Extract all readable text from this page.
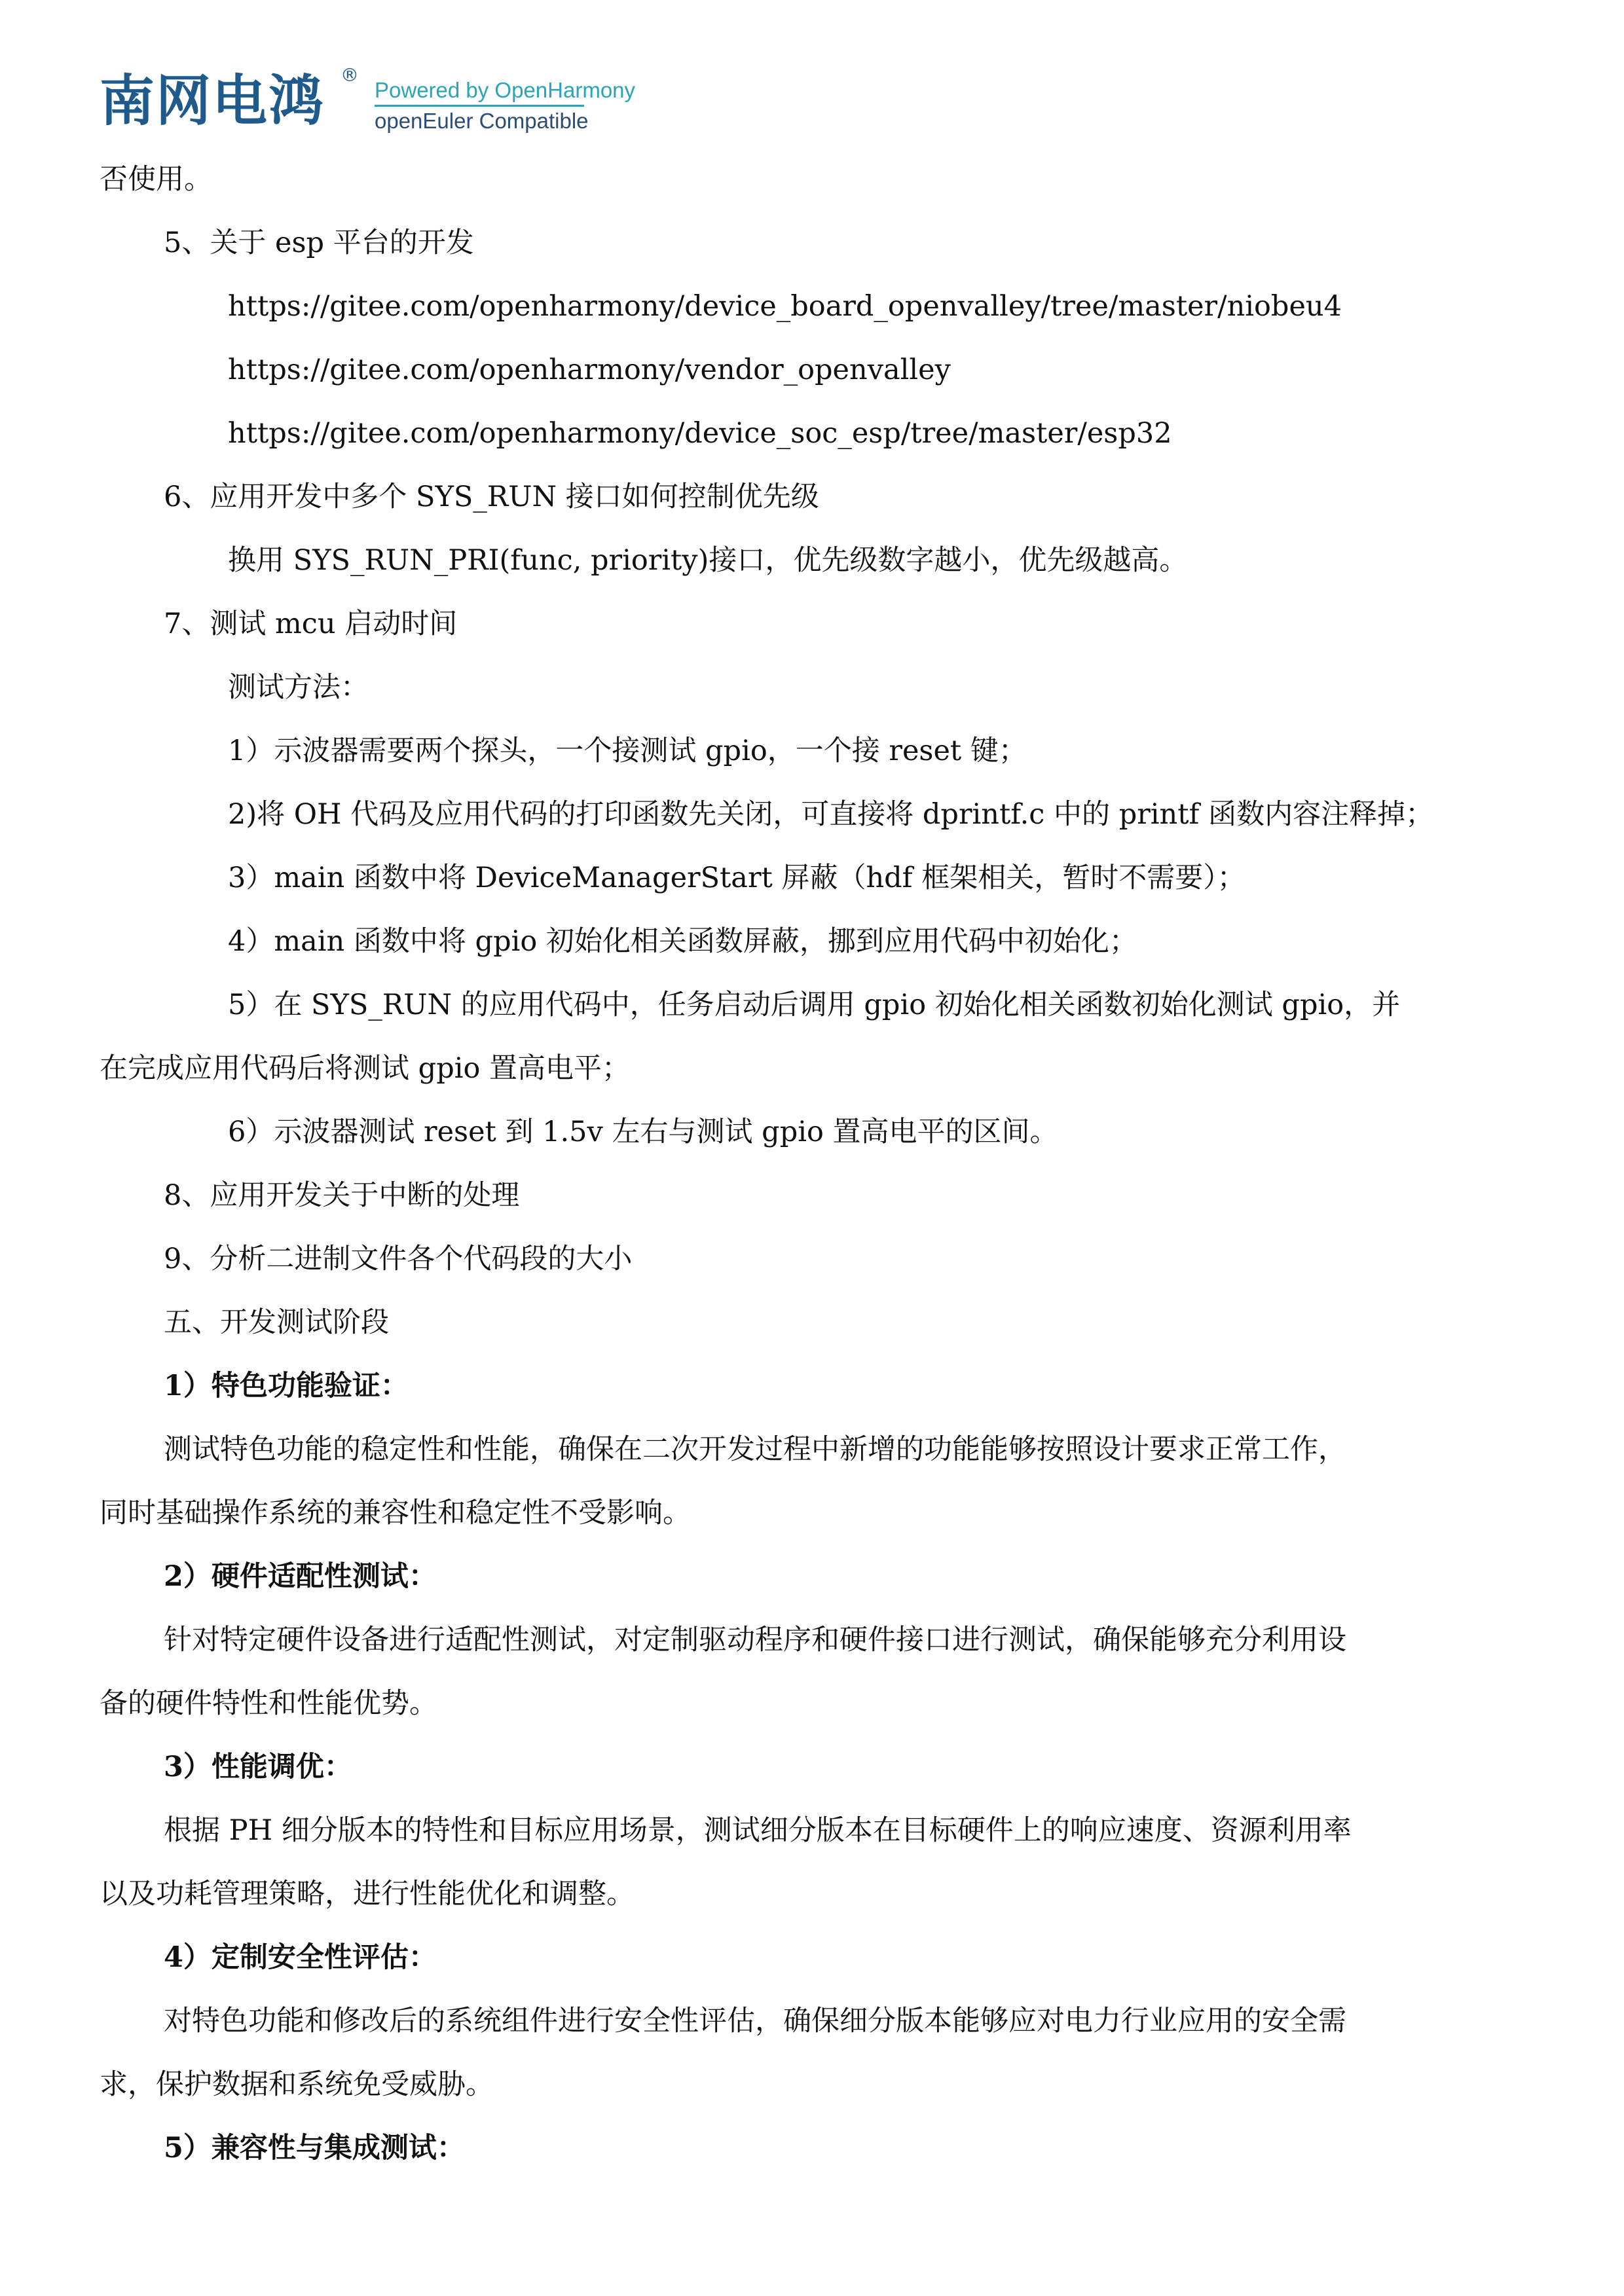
南网电鸿 ®
Powered by OpenHarmony
openEuler Compatible
否使用。
5、关于 esp 平台的开发
https://gitee.com/openharmony/device_board_openvalley/tree/master/niobeu4
https://gitee.com/openharmony/vendor_openvalley
https://gitee.com/openharmony/device_soc_esp/tree/master/esp32
6、应用开发中多个 SYS_RUN 接口如何控制优先级
换用 SYS_RUN_PRI(func, priority)接口，优先级数字越小，优先级越高。
7、测试 mcu 启动时间
测试方法：
1）示波器需要两个探头，一个接测试 gpio，一个接 reset 键；
2)将 OH 代码及应用代码的打印函数先关闭，可直接将 dprintf.c 中的 printf 函数内容注释掉；
3）main 函数中将 DeviceManagerStart 屏蔽（hdf 框架相关，暂时不需要）；
4）main 函数中将 gpio 初始化相关函数屏蔽，挪到应用代码中初始化；
5）在 SYS_RUN 的应用代码中，任务启动后调用 gpio 初始化相关函数初始化测试 gpio，并
在完成应用代码后将测试 gpio 置高电平；
6）示波器测试 reset 到 1.5v 左右与测试 gpio 置高电平的区间。
8、应用开发关于中断的处理
9、分析二进制文件各个代码段的大小
五、开发测试阶段
1）特色功能验证：
测试特色功能的稳定性和性能，确保在二次开发过程中新增的功能能够按照设计要求正常工作，
同时基础操作系统的兼容性和稳定性不受影响。
2）硬件适配性测试：
针对特定硬件设备进行适配性测试，对定制驱动程序和硬件接口进行测试，确保能够充分利用设
备的硬件特性和性能优势。
3）性能调优：
根据 PH 细分版本的特性和目标应用场景，测试细分版本在目标硬件上的响应速度、资源利用率
以及功耗管理策略，进行性能优化和调整。
4）定制安全性评估：
对特色功能和修改后的系统组件进行安全性评估，确保细分版本能够应对电力行业应用的安全需
求，保护数据和系统免受威胁。
5）兼容性与集成测试：
